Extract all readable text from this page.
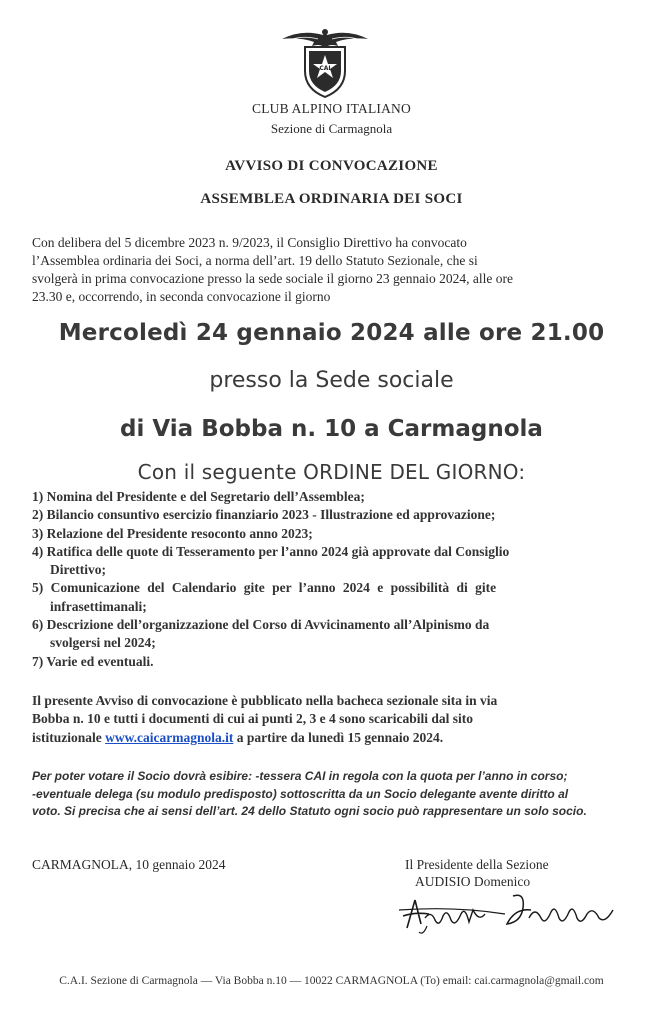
CAI
CLUB ALPINO ITALIANO
Sezione di Carmagnola
AVVISO DI CONVOCAZIONE
ASSEMBLEA ORDINARIA DEI SOCI
Con delibera del 5 dicembre 2023 n. 9/2023, il Consiglio Direttivo ha convocato
l’Assemblea ordinaria dei Soci, a norma dell’art. 19 dello Statuto Sezionale, che si
svolgerà in prima convocazione presso la sede sociale il giorno 23 gennaio 2024, alle ore
23.30 e, occorrendo, in seconda convocazione il giorno
Mercoledì 24 gennaio 2024 alle ore 21.00
presso la Sede sociale
di Via Bobba n. 10 a Carmagnola
Con il seguente ORDINE DEL GIORNO:
1) Nomina del Presidente e del Segretario dell’Assemblea;
2) Bilancio consuntivo esercizio finanziario 2023 - Illustrazione ed approvazione;
3) Relazione del Presidente resoconto anno 2023;
4) Ratifica delle quote di Tesseramento per l’anno 2024 già approvate dal Consiglio
Direttivo;
5) Comunicazione del Calendario gite per l’anno 2024 e possibilità di gite
infrasettimanali;
6) Descrizione dell’organizzazione del Corso di Avvicinamento all’Alpinismo da
svolgersi nel 2024;
7) Varie ed eventuali.
Il presente Avviso di convocazione è pubblicato nella bacheca sezionale sita in via
Bobba n. 10 e tutti i documenti di cui ai punti 2, 3 e 4 sono scaricabili dal sito
istituzionale www.caicarmagnola.it a partire da lunedì 15 gennaio 2024.
Per poter votare il Socio dovrà esibire: -tessera CAI in regola con la quota per l’anno in corso;
-eventuale delega (su modulo predisposto) sottoscritta da un Socio delegante avente diritto al
voto. Si precisa che ai sensi dell’art. 24 dello Statuto ogni socio può rappresentare un solo socio.
CARMAGNOLA, 10 gennaio 2024	Il Presidente della Sezione
AUDISIO Domenico
C.A.I. Sezione di Carmagnola — Via Bobba n.10 — 10022 CARMAGNOLA (To) email: cai.carmagnola@gmail.com
